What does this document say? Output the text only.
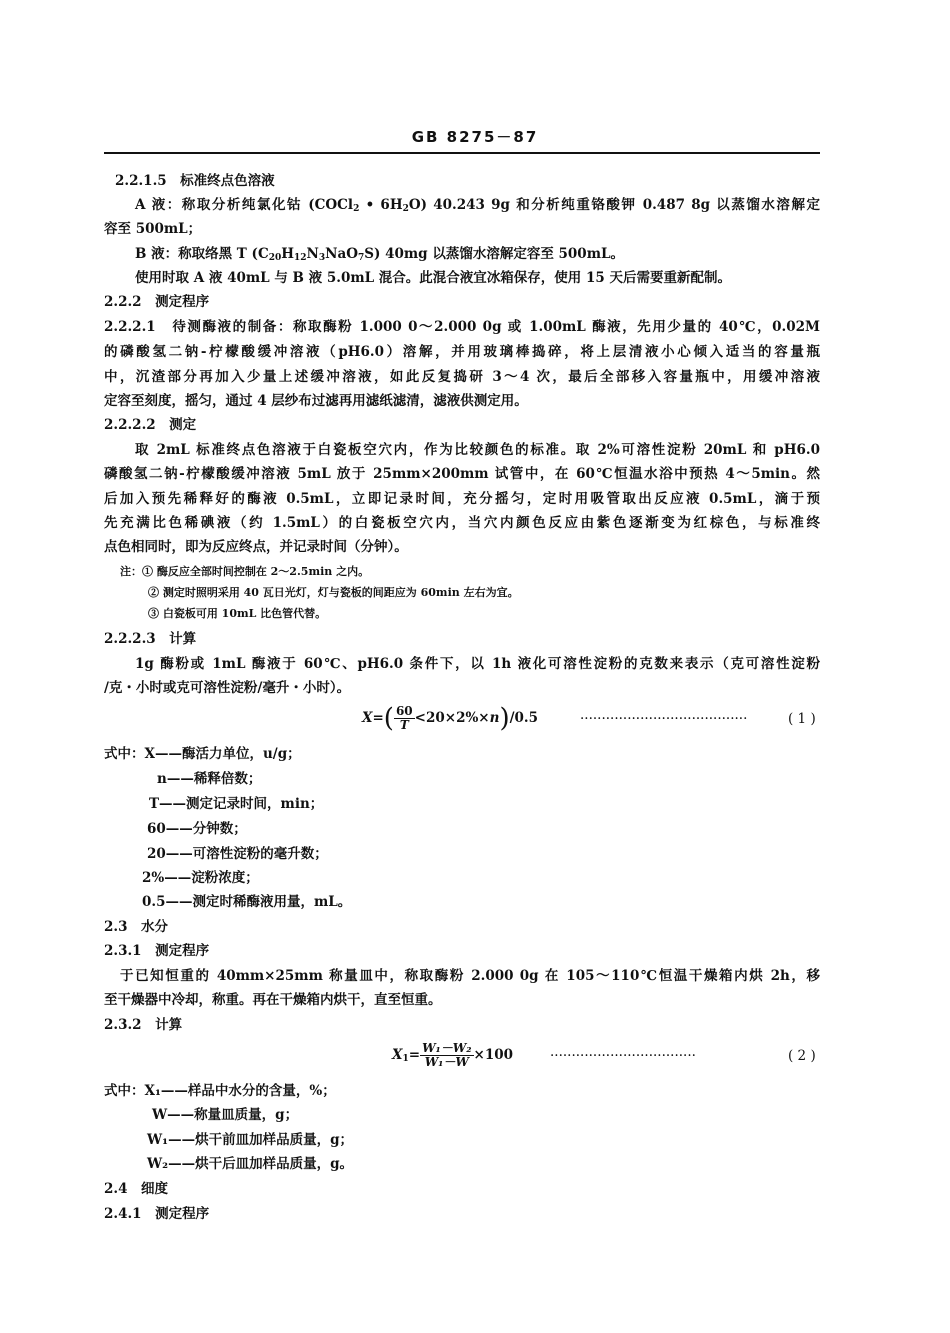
GB 8275－87
2.2.1.5　标准终点色溶液
A 液：称取分析纯氯化钴 (COCl$_2$ • $6H_2O$) 40.243 9g 和分析纯重铬酸钾 0.487 8g 以蒸馏水溶解定
容至 500mL；
B 液：称取络黑 T $(C_{20}H_{12}N_3NaO_7S)$ 40mg 以蒸馏水溶解定容至 500mL。
使用时取 A 液 40mL 与 B 液 5.0mL 混合。此混合液宜冰箱保存，使用 15 天后需要重新配制。
2.2.2　测定程序
2.2.2.1　待测酶液的制备：称取酶粉 1.000 0～2.000 0g 或 1.00mL 酶液，先用少量的 40℃，0.02M
的磷酸氢二钠-柠檬酸缓冲溶液（pH6.0）溶解，并用玻璃棒捣碎，将上层清液小心倾入适当的容量瓶
中，沉渣部分再加入少量上述缓冲溶液，如此反复捣研 3～4 次，最后全部移入容量瓶中，用缓冲溶液
定容至刻度，摇匀，通过 4 层纱布过滤再用滤纸滤清，滤液供测定用。
2.2.2.2　测定
取 2mL 标准终点色溶液于白瓷板空穴内，作为比较颜色的标准。取 2%可溶性淀粉 20mL 和 pH6.0
磷酸氢二钠-柠檬酸缓冲溶液 5mL 放于 25mm×200mm 试管中，在 60℃恒温水浴中预热 4～5min。然
后加入预先稀释好的酶液 0.5mL，立即记录时间，充分摇匀，定时用吸管取出反应液 0.5mL，滴于预
先充满比色稀碘液（约 1.5mL）的白瓷板空穴内，当穴内颜色反应由紫色逐渐变为红棕色，与标准终
点色相同时，即为反应终点，并记录时间（分钟）。
注：① 酶反应全部时间控制在 2～2.5min 之内。
② 测定时照明采用 40 瓦日光灯，灯与瓷板的间距应为 60min 左右为宜。
③ 白瓷板可用 10mL 比色管代替。
2.2.2.3　计算
1g 酶粉或 1mL 酶液于 60℃、pH6.0 条件下，以 1h 液化可溶性淀粉的克数来表示（克可溶性淀粉
/克・小时或克可溶性淀粉/毫升・小时）。
$X=( \frac{60}{T} <20\times 2\%\times n)/0.5$	·······································	( 1 )
式中：X——酶活力单位，u/g；
n——稀释倍数；
T——测定记录时间，min；
60——分钟数；
20——可溶性淀粉的毫升数；
2%——淀粉浓度；
0.5——测定时稀酶液用量，mL。
2.3　水分
2.3.1　测定程序
于已知恒重的 40mm×25mm 称量皿中，称取酶粉 2.000 0g 在 105～110℃恒温干燥箱内烘 2h，移
至干燥器中冷却，称重。再在干燥箱内烘干，直至恒重。
2.3.2　计算
$X_1= \frac{\text{W₁－W₂}}{\text{W₁－W}} \times 100$	··································	( 2 )
式中：X₁——样品中水分的含量，%；
W——称量皿质量，g；
W₁——烘干前皿加样品质量，g；
W₂——烘干后皿加样品质量，g。
2.4　细度
2.4.1　测定程序
